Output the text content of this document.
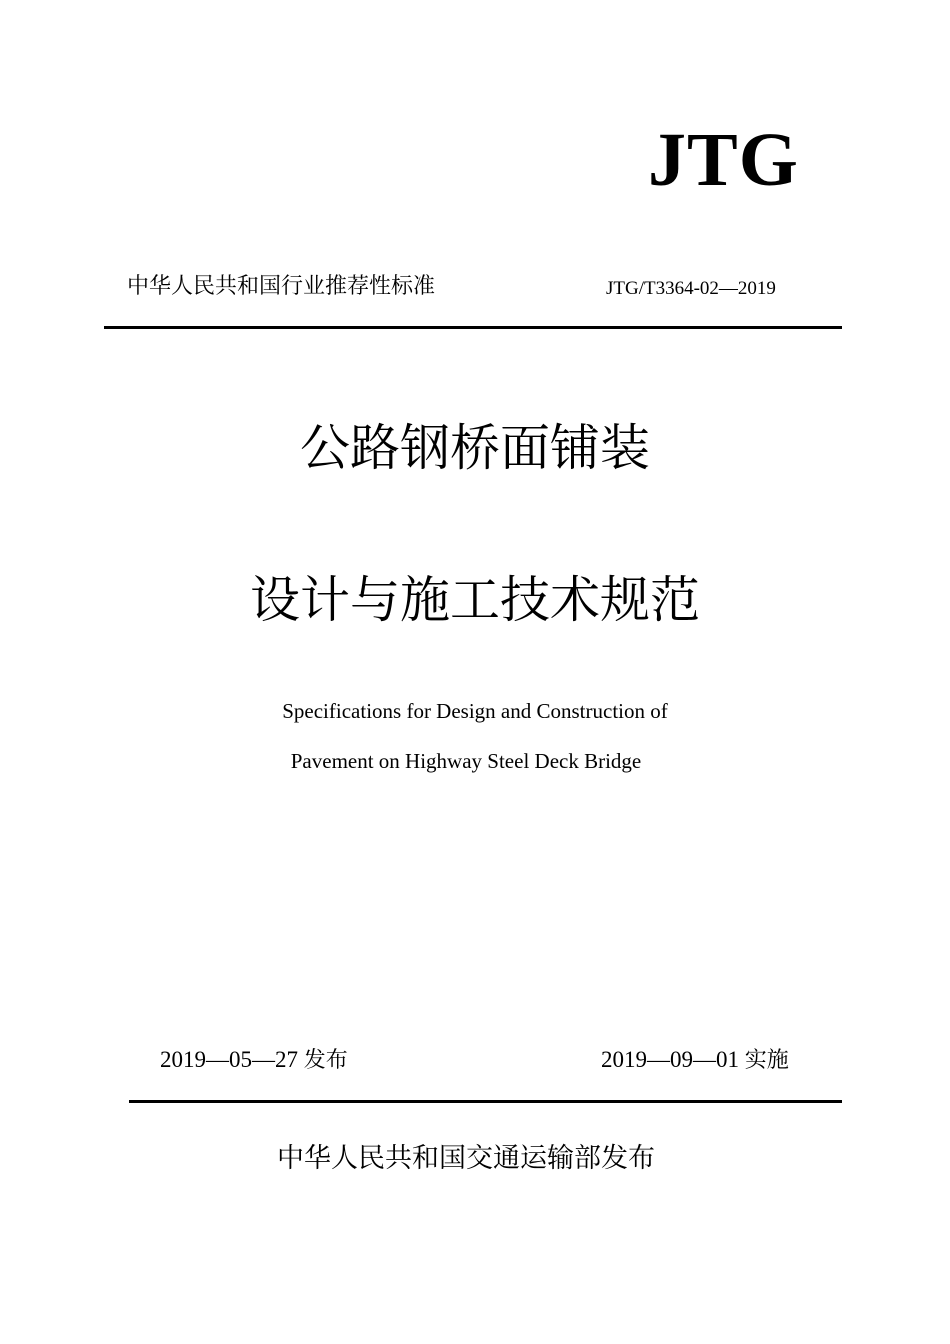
JTG
中华人民共和国行业推荐性标准	JTG/T3364-02—2019
公路钢桥面铺装
设计与施工技术规范
Specifications for Design and Construction of
Pavement on Highway Steel Deck Bridge
2019—05—27 发布	2019—09—01 实施
中华人民共和国交通运输部发布
